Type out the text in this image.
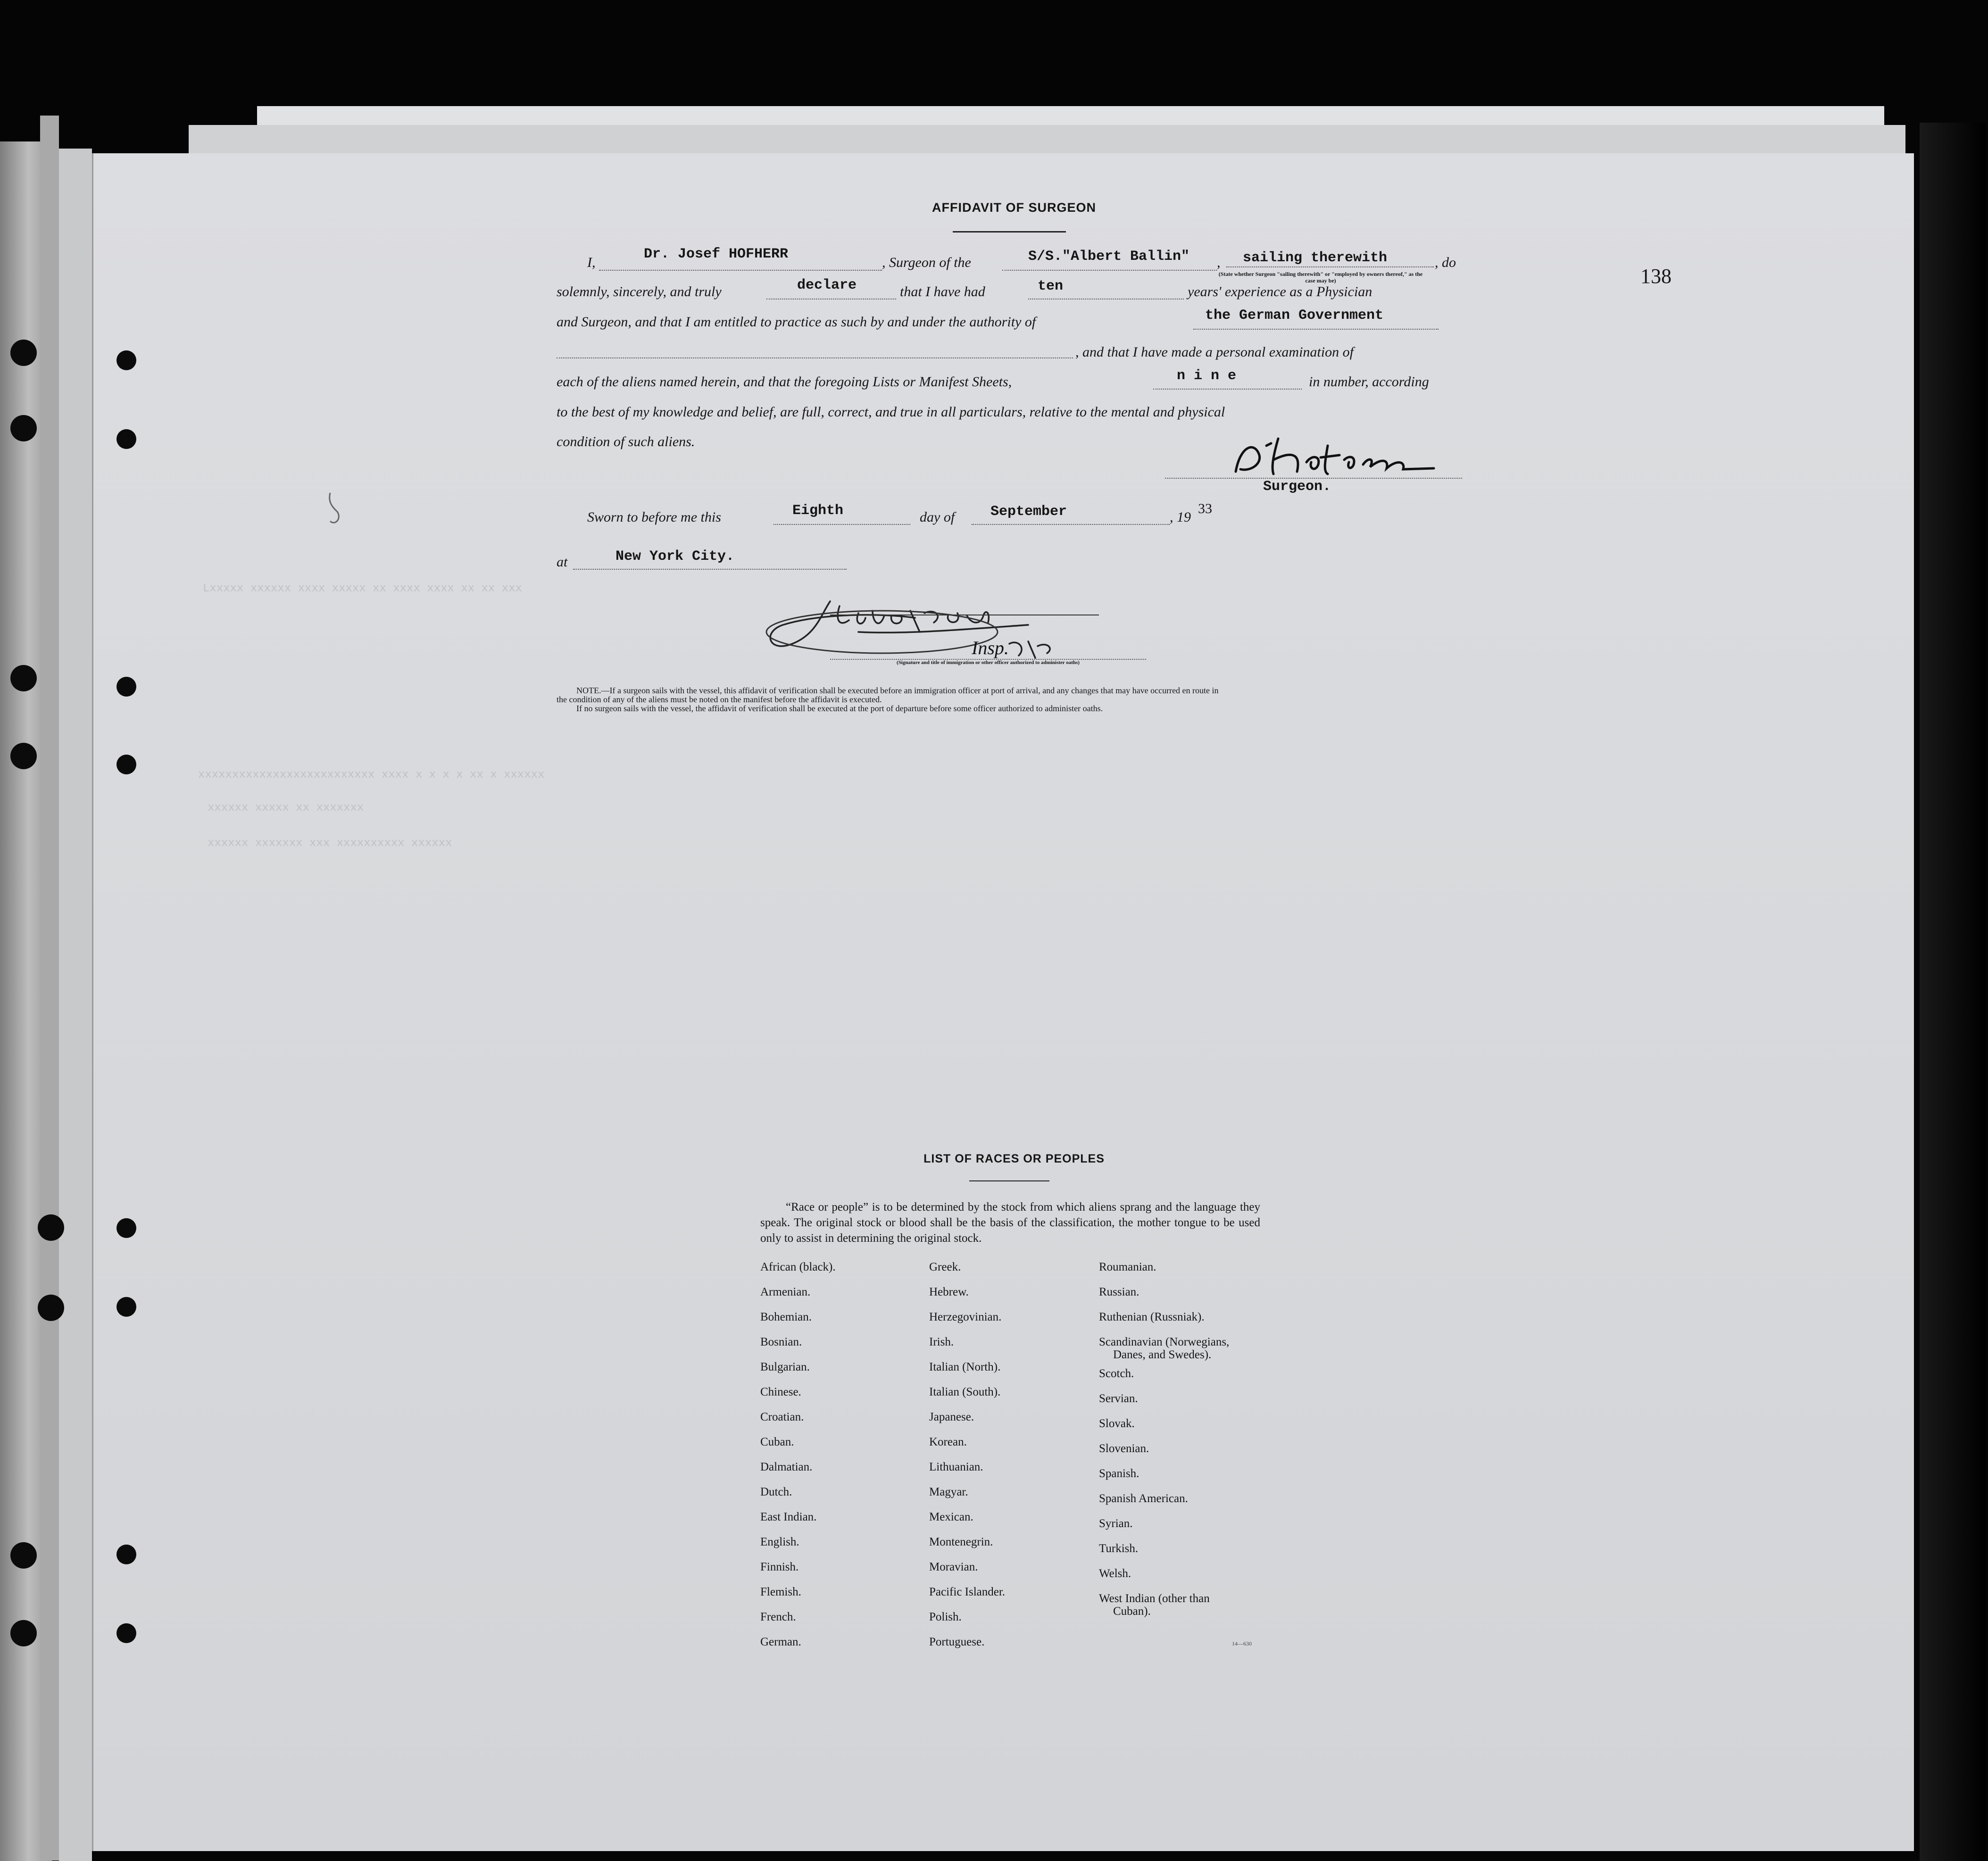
Lxxxxx xxxxxx xxxx xxxxx xx xxxx xxxx xx xx xxx
xxxxxxxxxxxxxxxxxxxxxxxxxx xxxx x x x x xx x xxxxxx
xxxxxx xxxxx xx xxxxxxx
xxxxxx xxxxxxx xxx xxxxxxxxxx xxxxxx
138
AFFIDAVIT OF SURGEON
I,
Dr. Josef HOFHERR
, Surgeon of the	S/S."Albert Ballin" , sailing therewith
(State whether Surgeon "sailing therewith" or "employed by owners thereof," as the case may be)
, do
solemnly, sincerely, and truly	declare	that I have had	ten	years' experience as a Physician
and Surgeon, and that I am entitled to practice as such by and under the authority of	the German Government
, and that I have made a personal examination of
each of the aliens named herein, and that the foregoing Lists or Manifest Sheets,	n i n e	in number, according
to the best of my knowledge and belief, are full, correct, and true in all particulars, relative to the mental and physical
condition of such aliens.
Surgeon.
Sworn to before me this	Eighth	day of	September	, 19
33
at	New York City.
Insp.
(Signature and title of immigration or other officer authorized to administer oaths)
NOTE.—If a surgeon sails with the vessel, this affidavit of verification shall be executed before an immigration officer at port of arrival, and any changes that may have occurred en route in
the condition of any of the aliens must be noted on the manifest before the affidavit is executed.
If no surgeon sails with the vessel, the affidavit of verification shall be executed at the port of departure before some officer authorized to administer oaths.
LIST OF RACES OR PEOPLES
“Race or people” is to be determined by the stock from which aliens sprang and the language they speak. The original stock or blood shall be the basis of the classification, the mother tongue to be used only to assist in determining the original stock.
African (black).
Armenian.
Bohemian.
Bosnian.
Bulgarian.
Chinese.
Croatian.
Cuban.
Dalmatian.
Dutch.
East Indian.
English.
Finnish.
Flemish.
French.
German.
Greek.
Hebrew.
Herzegovinian.
Irish.
Italian (North).
Italian (South).
Japanese.
Korean.
Lithuanian.
Magyar.
Mexican.
Montenegrin.
Moravian.
Pacific Islander.
Polish.
Portuguese.
Roumanian.
Russian.
Ruthenian (Russniak).
Scandinavian (Norwegians,
Danes, and Swedes).
Scotch.
Servian.
Slovak.
Slovenian.
Spanish.
Spanish American.
Syrian.
Turkish.
Welsh.
West Indian (other than
Cuban).
14—630
